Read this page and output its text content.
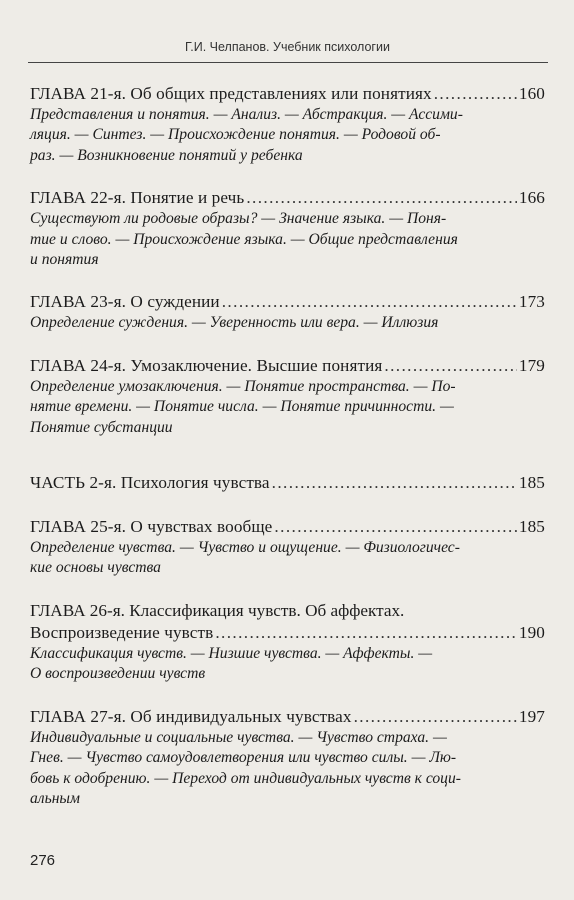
Г.И. Челпанов. Учебник психологии
ГЛАВА 21-я. Об общих представлениях или понятиях .....	160
Представления и понятия. — Анализ. — Абстракция. — Ассими-
ляция. — Синтез. — Происхождение понятия. — Родовой об-
раз. — Возникновение понятий у ребенка
ГЛАВА 22-я. Понятие и речь .....	166
Существуют ли родовые образы? — Значение языка. — Поня-
тие и слово. — Происхождение языка. — Общие представления
и понятия
ГЛАВА 23-я. О суждении .....	173
Определение суждения. — Уверенность или вера. — Иллюзия
ГЛАВА 24-я. Умозаключение. Высшие понятия .....	179
Определение умозаключения. — Понятие пространства. — По-
нятие времени. — Понятие числа. — Понятие причинности. —
Понятие субстанции
ЧАСТЬ 2-я. Психология чувства .....	185
ГЛАВА 25-я. О чувствах вообще .....	185
Определение чувства. — Чувство и ощущение. — Физиологичес-
кие основы чувства
ГЛАВА 26-я. Классификация чувств. Об аффектах.
Воспроизведение чувств .....	190
Классификация чувств. — Низшие чувства. — Аффекты. —
О воспроизведении чувств
ГЛАВА 27-я. Об индивидуальных чувствах .....	197
Индивидуальные и социальные чувства. — Чувство страха. —
Гнев. — Чувство самоудовлетворения или чувство силы. — Лю-
бовь к одобрению. — Переход от индивидуальных чувств к соци-
альным
276
